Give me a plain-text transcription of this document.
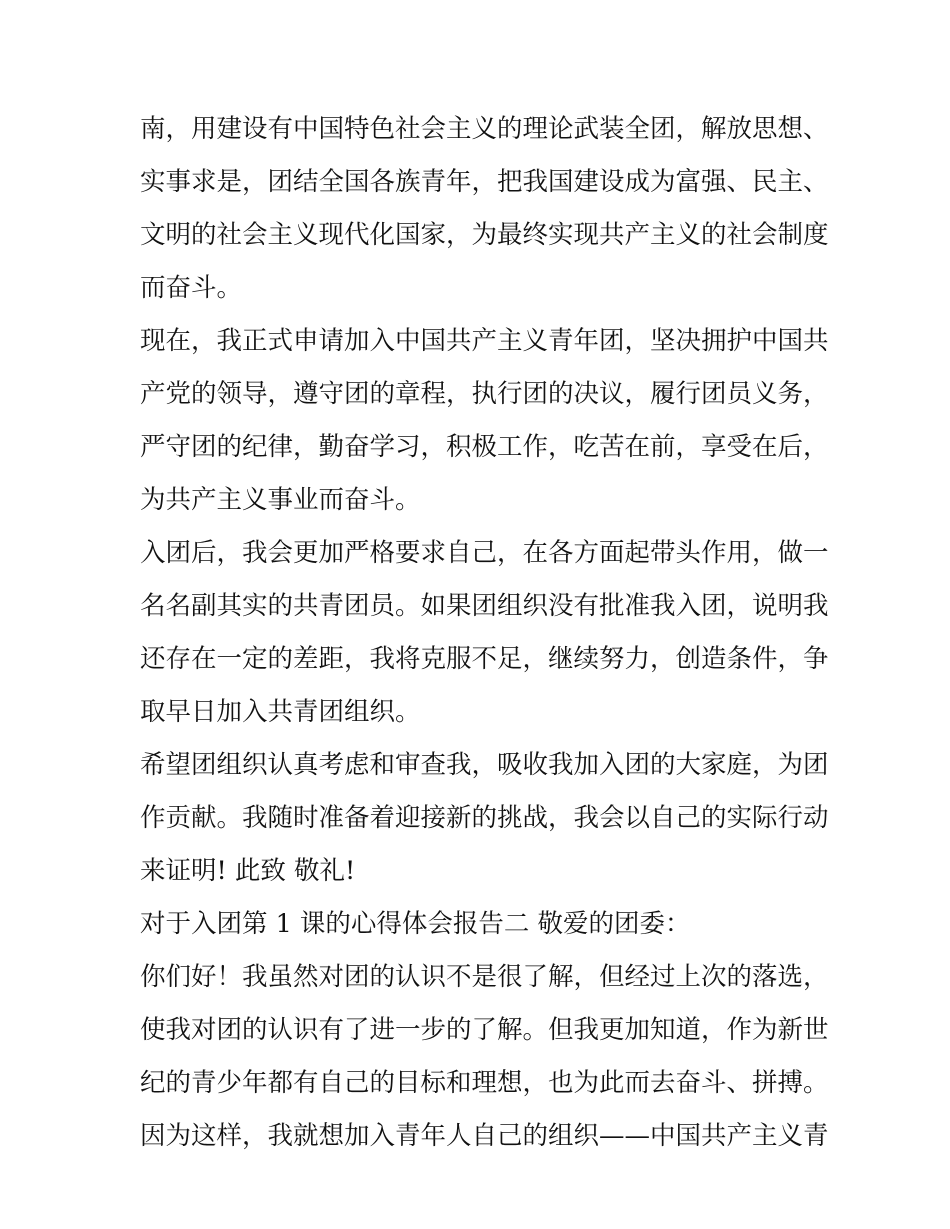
南，用建设有中国特色社会主义的理论武装全团，解放思想、
实事求是，团结全国各族青年，把我国建设成为富强、民主、
文明的社会主义现代化国家，为最终实现共产主义的社会制度
而奋斗。
现在，我正式申请加入中国共产主义青年团，坚决拥护中国共
产党的领导，遵守团的章程，执行团的决议，履行团员义务，
严守团的纪律，勤奋学习，积极工作，吃苦在前，享受在后，
为共产主义事业而奋斗。
入团后，我会更加严格要求自己，在各方面起带头作用，做一
名名副其实的共青团员。如果团组织没有批准我入团，说明我
还存在一定的差距，我将克服不足，继续努力，创造条件，争
取早日加入共青团组织。
希望团组织认真考虑和审查我，吸收我加入团的大家庭，为团
作贡献。我随时准备着迎接新的挑战，我会以自己的实际行动
来证明! 此致 敬礼!
对于入团第 1 课的心得体会报告二 敬爱的团委：
你们好！我虽然对团的认识不是很了解，但经过上次的落选，
使我对团的认识有了进一步的了解。但我更加知道，作为新世
纪的青少年都有自己的目标和理想，也为此而去奋斗、拼搏。
因为这样，我就想加入青年人自己的组织——中国共产主义青
